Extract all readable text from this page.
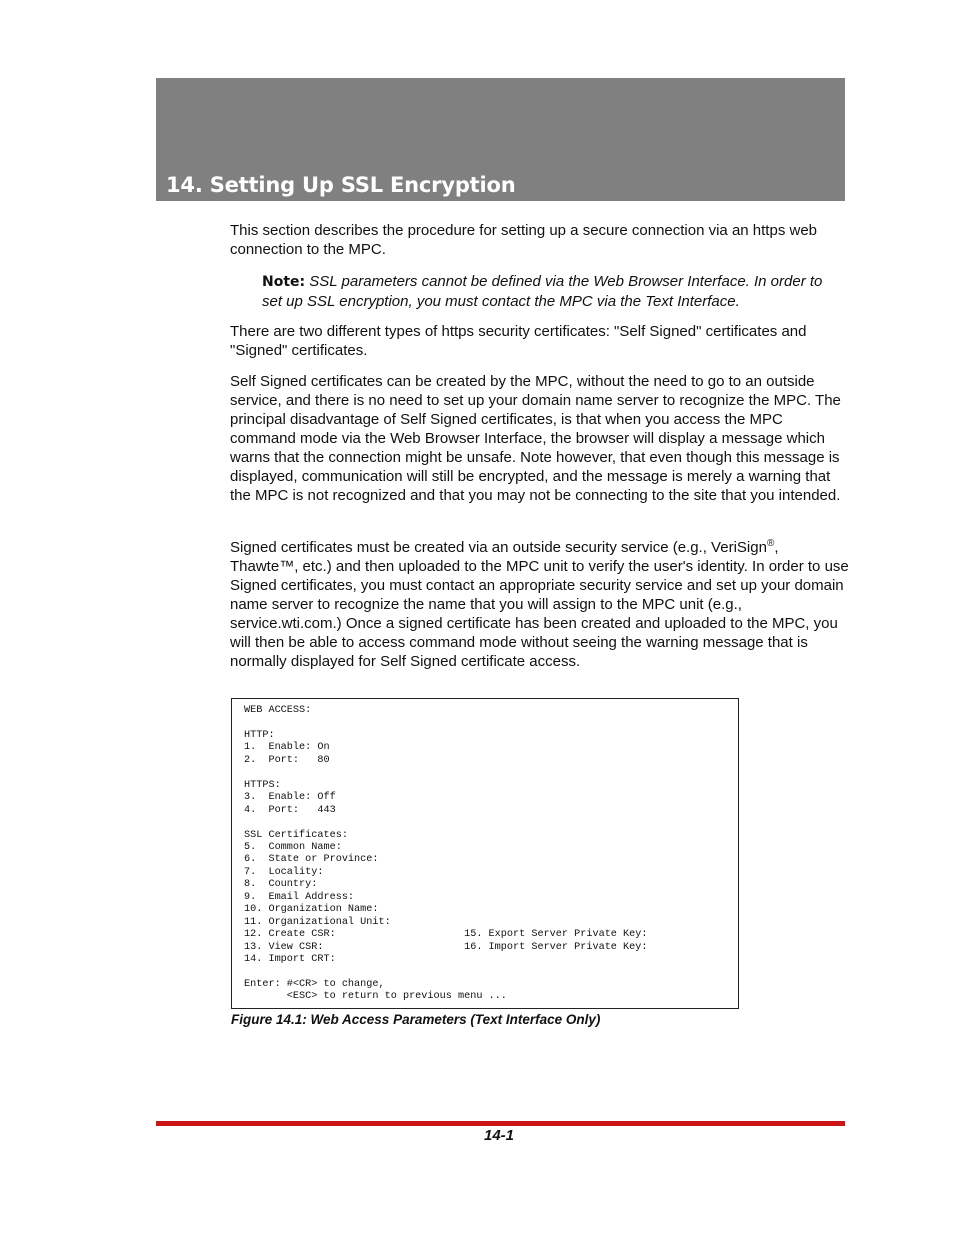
14. Setting Up SSL Encryption

This section describes the procedure for setting up a secure connection via an https web connection to the MPC.

Note: SSL parameters cannot be defined via the Web Browser Interface. In order to set up SSL encryption, you must contact the MPC via the Text Interface.

There are two different types of https security certificates: "Self Signed" certificates and "Signed" certificates.

Self Signed certificates can be created by the MPC, without the need to go to an outside service, and there is no need to set up your domain name server to recognize the MPC. The principal disadvantage of Self Signed certificates, is that when you access the MPC command mode via the Web Browser Interface, the browser will display a message which warns that the connection might be unsafe. Note however, that even though this message is displayed, communication will still be encrypted, and the message is merely a warning that the MPC is not recognized and that you may not be connecting to the site that you intended.

Signed certificates must be created via an outside security service (e.g., VeriSign®, Thawte™, etc.) and then uploaded to the MPC unit to verify the user's identity. In order to use Signed certificates, you must contact an appropriate security service and set up your domain name server to recognize the name that you will assign to the MPC unit (e.g., service.wti.com.) Once a signed certificate has been created and uploaded to the MPC, you will then be able to access command mode without seeing the warning message that is normally displayed for Self Signed certificate access.

WEB ACCESS:
HTTP:
1.  Enable: On
2.  Port:   80
HTTPS:
3.  Enable: Off
4.  Port:   443
SSL Certificates:
5.  Common Name:
6.  State or Province:
7.  Locality:
8.  Country:
9.  Email Address:
10. Organization Name:
11. Organizational Unit:
12. Create CSR:                     15. Export Server Private Key:
13. View CSR:                       16. Import Server Private Key:
14. Import CRT:
Enter: #<CR> to change,
<ESC> to return to previous menu ...

Figure 14.1: Web Access Parameters (Text Interface Only)

14-1
